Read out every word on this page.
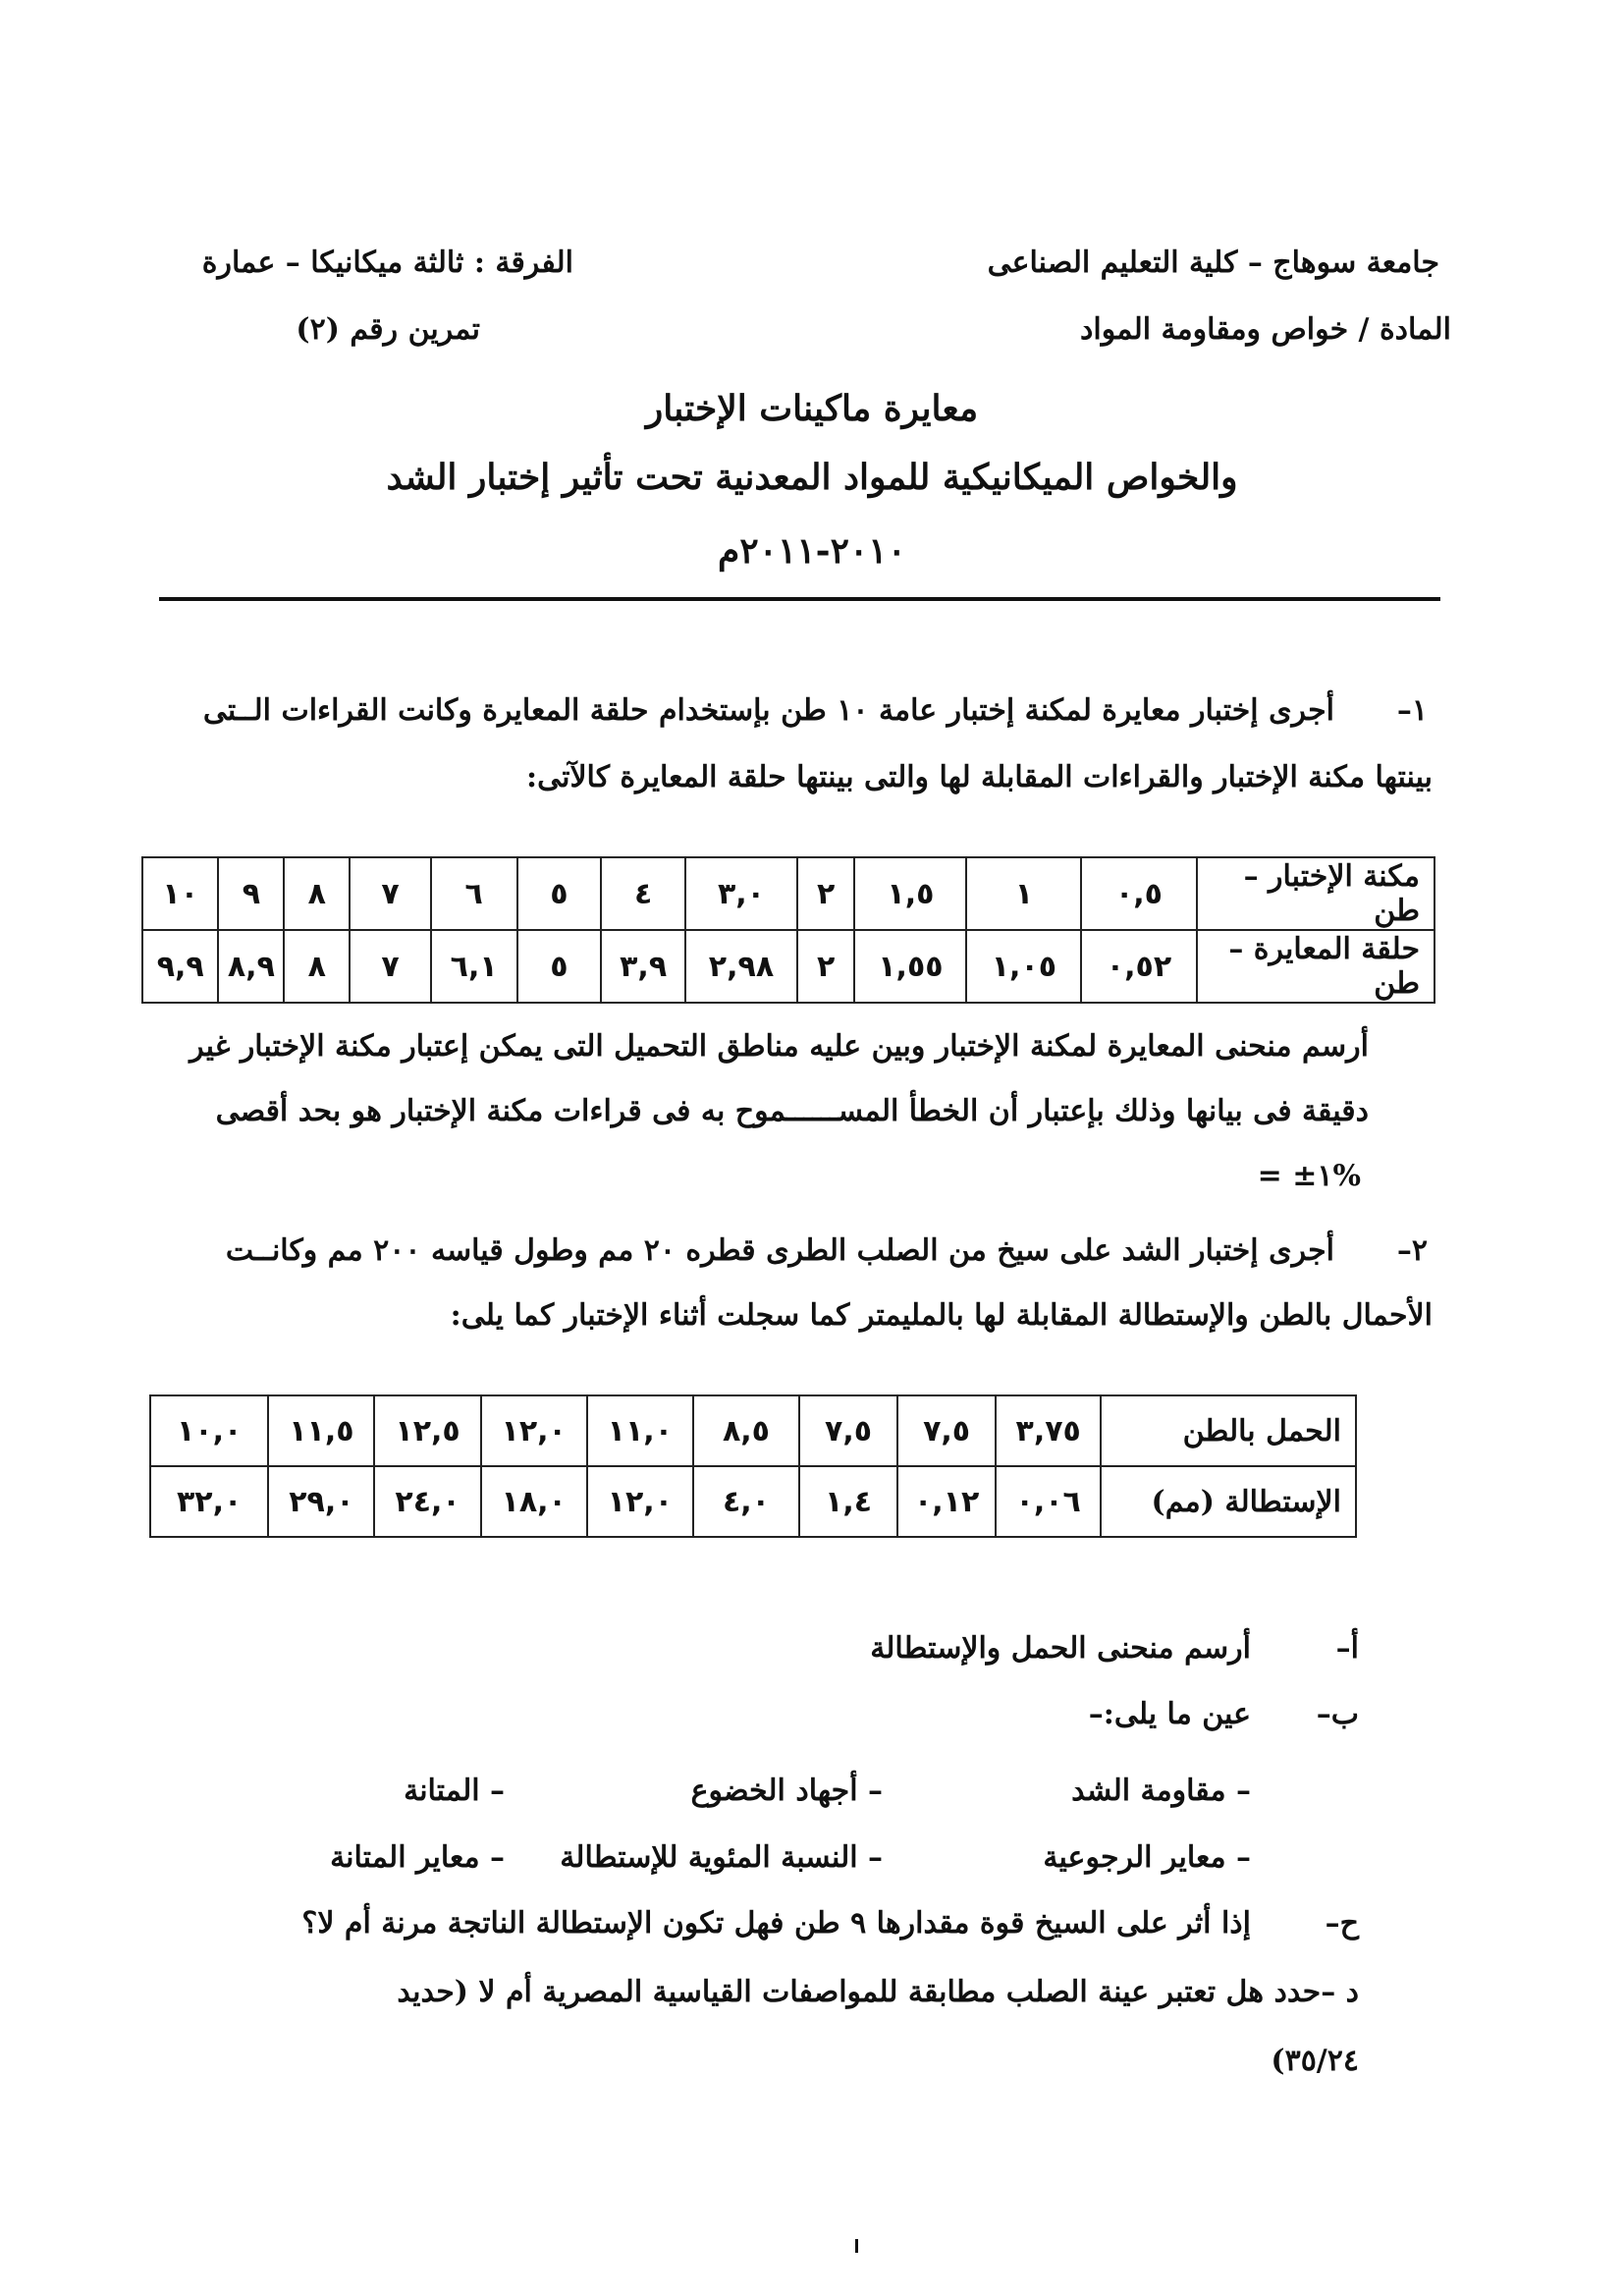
جامعة سوهاج – كلية التعليم الصناعى
الفرقة : ثالثة ميكانيكا – عمارة
المادة / خواص ومقاومة المواد
تمرين رقم (٢)
معايرة ماكينات الإختبار
والخواص الميكانيكية للمواد المعدنية تحت تأثير إختبار الشد
٢٠١٠-٢٠١١م
١–
أجرى إختبار معايرة لمكنة إختبار عامة ١٠ طن بإستخدام حلقة المعايرة وكانت القراءات الــتى
بينتها مكنة الإختبار والقراءات المقابلة لها والتى بينتها حلقة المعايرة كالآتى:
مكنة الإختبار –طن	٠,٥	١	١,٥	٢	٣,٠	٤	٥	٦	٧	٨	٩	١٠
حلقة المعايرة – طن	٠,٥٢	١,٠٥	١,٥٥	٢	٢,٩٨	٣,٩	٥	٦,١	٧	٨	٨,٩	٩,٩
أرسم منحنى المعايرة لمكنة الإختبار وبين عليه مناطق التحميل التى يمكن إعتبار مكنة الإختبار غير
دقيقة فى بيانها وذلك بإعتبار أن الخطأ المســــــموح به فى قراءات مكنة الإختبار هو بحد أقصى
= ±١%
٢–
أجرى إختبار الشد على سيخ من الصلب الطرى قطره ٢٠ مم وطول قياسه ٢٠٠ مم وكانــت
الأحمال بالطن والإستطالة المقابلة لها بالمليمتر كما سجلت أثناء الإختبار كما يلى:
الحمل بالطن	٣,٧٥	٧,٥	٧,٥	٨,٥	١١,٠	١٢,٠	١٢,٥	١١,٥	١٠,٠
الإستطالة (مم)	٠,٠٦	٠,١٢	١,٤	٤,٠	١٢,٠	١٨,٠	٢٤,٠	٢٩,٠	٣٢,٠
أ–
أرسم منحنى الحمل والإستطالة
ب–
عين ما يلى:–
– مقاومة الشد
– أجهاد الخضوع
– المتانة
– معاير الرجوعية
– النسبة المئوية للإستطالة
– معاير المتانة
ح–
إذا أثر على السيخ قوة مقدارها ٩ طن فهل تكون الإستطالة الناتجة مرنة أم لا؟
د –حدد هل تعتبر عينة الصلب مطابقة للمواصفات القياسية المصرية أم لا (حديد
٣٥/٢٤)
